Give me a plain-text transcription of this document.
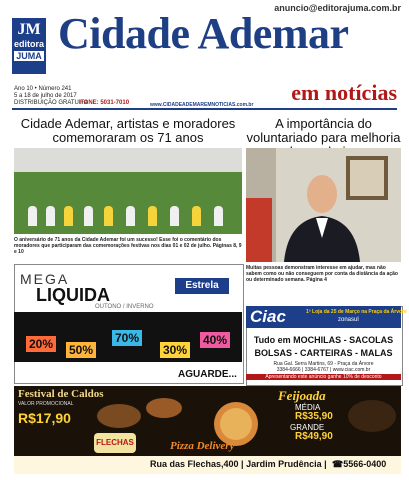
JM
editora
JUMA
anuncio@editorajuma.com.br
Cidade Ademar
em notícias
Ano 10 • Número 241
5 a 18 de julho de 2017
DISTRIBUIÇÃO GRATUITA
FONE: 5031-7010	www.CIDADEADEMAREMNOTICIAS.com.br
Cidade Ademar, artistas e moradores comemoraram os 71 anos
A importância do voluntariado para melhoria
O aniversário de 71 anos da Cidade Ademar foi um sucesso! Esse foi o comentário dos moradores que participaram das comemorações festivas nos dias 01 e 02 de julho. Páginas 8, 9 e 10
Muitas pessoas demonstram interesse em ajudar, mas não sabem como ou não conseguem por conta da distância da ação ou determinado semana. Página 4
MEGA
LIQUIDA
OUTONO / INVERNO
Estrela
20% 50%
70%
30%
40%
AGUARDE...
Ciac	1ª Loja da 25 de Março na Praça da Árvore
zonasul
Tudo em MOCHILAS - SACOLAS
BOLSAS - CARTEIRAS - MALAS
Rua Gal. Serra Martins, 69 - Praça da Árvore
3384-6666 | 3384-6767 | www.ciac.com.br
Apresentando este anúncio ganhe 10% de desconto
Festival de Caldos
VALOR PROMOCIONAL
R$17,90
Feijoada
MÉDIA
R$35,90
GRANDE
R$49,90
FLECHAS	Pizza Delivery
Rua das Flechas,400 | Jardim Prudência | ☎5566-0400
